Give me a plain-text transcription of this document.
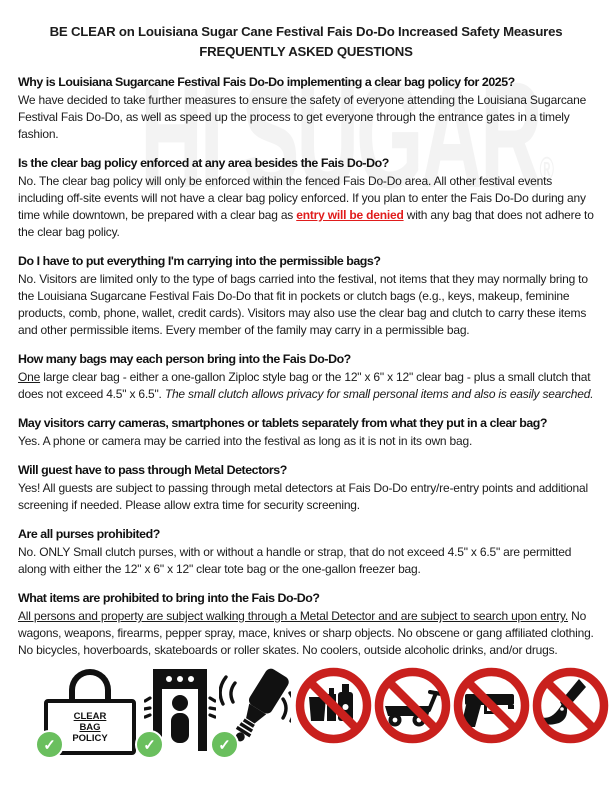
BE CLEAR on Louisiana Sugar Cane Festival Fais Do-Do Increased Safety Measures
FREQUENTLY ASKED QUESTIONS
Why is Louisiana Sugarcane Festival Fais Do-Do implementing a clear bag policy for 2025?

We have decided to take further measures to ensure the safety of everyone attending the Louisiana Sugarcane Festival Fais Do-Do, as well as speed up the process to get everyone through the entrance gates in a timely fashion.

Is the clear bag policy enforced at any area besides the Fais Do-Do?

No. The clear bag policy will only be enforced within the fenced Fais Do-Do area. All other festival events including off-site events will not have a clear bag policy enforced. If you plan to enter the Fais Do-Do during any time while downtown, be prepared with a clear bag as entry will be denied with any bag that does not adhere to the clear bag policy.

Do I have to put everything I'm carrying into the permissible bags?

No. Visitors are limited only to the type of bags carried into the festival, not items that they may normally bring to the Louisiana Sugarcane Festival Fais Do-Do that fit in pockets or clutch bags (e.g., keys, makeup, feminine products, comb, phone, wallet, credit cards). Visitors may also use the clear bag and clutch to carry these items and other permissible items. Every member of the family may carry in a permissible bag.

How many bags may each person bring into the Fais Do-Do?

One large clear bag - either a one-gallon Ziploc style bag or the 12" x 6" x 12" clear bag - plus a small clutch that does not exceed 4.5" x 6.5". The small clutch allows privacy for small personal items and also is easily searched.

May visitors carry cameras, smartphones or tablets separately from what they put in a clear bag?

Yes. A phone or camera may be carried into the festival as long as it is not in its own bag.

Will guest have to pass through Metal Detectors?

Yes! All guests are subject to passing through metal detectors at Fais Do-Do entry/re-entry points and additional screening if needed. Please allow extra time for security screening.

Are all purses prohibited?

No. ONLY Small clutch purses, with or without a handle or strap, that do not exceed 4.5" x 6.5" are permitted along with either the 12" x 6" x 12" clear tote bag or the one-gallon freezer bag.

What items are prohibited to bring into the Fais Do-Do?

All persons and property are subject walking through a Metal Detector and are subject to search upon entry. No wagons, weapons, firearms, pepper spray, mace, knives or sharp objects. No obscene or gang affiliated clothing. No bicycles, hoverboards, skateboards or roller skates. No coolers, outside alcoholic drinks, and/or drugs.

CLEAR
BAG
POLICY
✓	✓	✓
